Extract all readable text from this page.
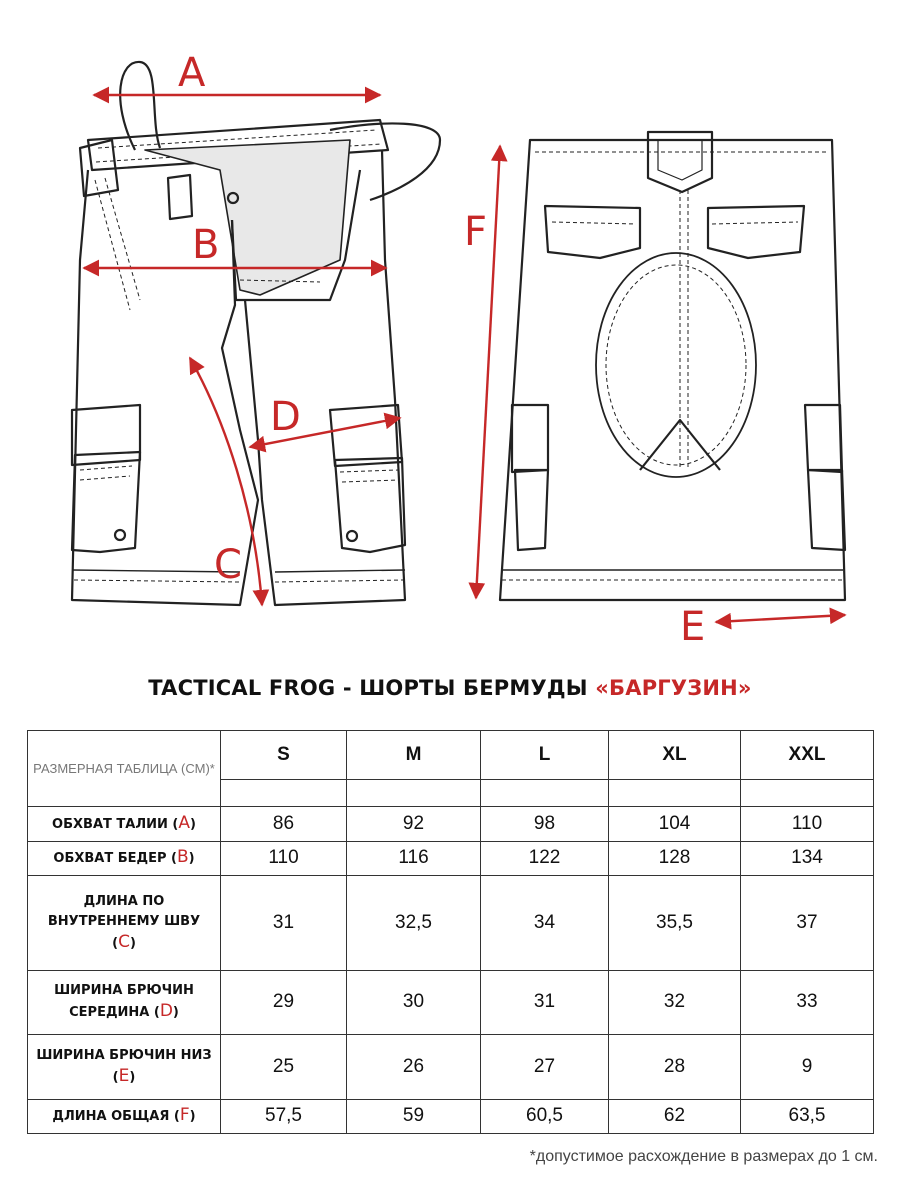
A
B
C
D
E
F
TACTICAL FROG - ШОРТЫ БЕРМУДЫ «БАРГУЗИН»
РАЗМЕРНАЯ ТАБЛИЦА (СМ)*	S	M	L	XL	XXL

ОБХВАТ ТАЛИИ (A)	86	92	98	104	110
ОБХВАТ БЕДЕР (B)	110	116	122	128	134
ДЛИНА ПО ВНУТРЕННЕМУ ШВУ (C)	31	32,5	34	35,5	37
ШИРИНА БРЮЧИН СЕРЕДИНА (D)	29	30	31	32	33
ШИРИНА БРЮЧИН НИЗ (E)	25	26	27	28	9
ДЛИНА ОБЩАЯ (F)	57,5	59	60,5	62	63,5
*допустимое расхождение в размерах до 1 см.
